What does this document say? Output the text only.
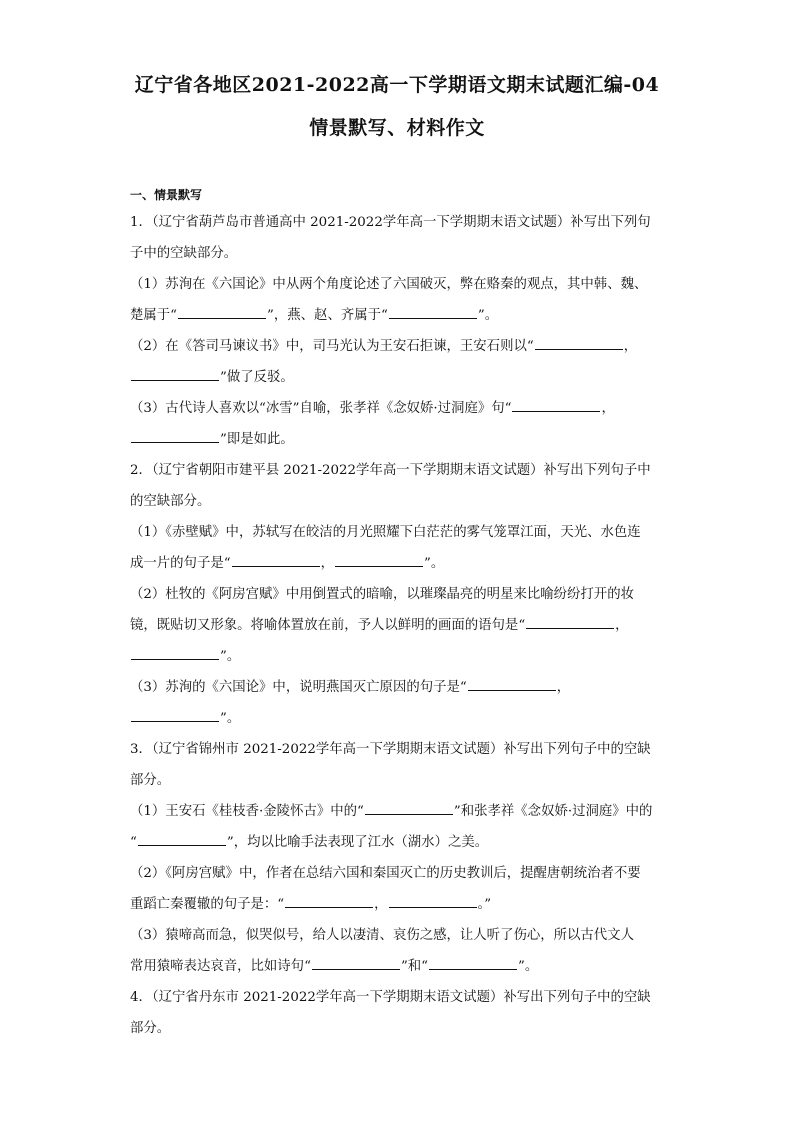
辽宁省各地区2021-2022高一下学期语文期末试题汇编-04
情景默写、材料作文
一、情景默写
1．（辽宁省葫芦岛市普通高中 2021-2022学年高一下学期期末语文试题）补写出下列句
子中的空缺部分。
（1）苏洵在《六国论》中从两个角度论述了六国破灭，弊在赂秦的观点，其中韩、魏、
楚属于“	”，燕、赵、齐属于“	”。
（2）在《答司马谏议书》中，司马光认为王安石拒谏，王安石则以“	，
”做了反驳。
（3）古代诗人喜欢以“冰雪”自喻，张孝祥《念奴娇·过洞庭》句“	，
”即是如此。
2．（辽宁省朝阳市建平县 2021-2022学年高一下学期期末语文试题）补写出下列句子中
的空缺部分。
（1）《赤壁赋》中，苏轼写在皎洁的月光照耀下白茫茫的雾气笼罩江面，天光、水色连
成一片的句子是“	，	”。
（2）杜牧的《阿房宫赋》中用倒置式的暗喻，以璀璨晶亮的明星来比喻纷纷打开的妆
镜，既贴切又形象。将喻体置放在前，予人以鲜明的画面的语句是“	，
”。
（3）苏洵的《六国论》中，说明燕国灭亡原因的句子是“	，
”。
3．（辽宁省锦州市 2021-2022学年高一下学期期末语文试题）补写出下列句子中的空缺
部分。
（1）王安石《桂枝香·金陵怀古》中的“	”和张孝祥《念奴娇·过洞庭》中的
“	”，均以比喻手法表现了江水（湖水）之美。
（2）《阿房宫赋》中，作者在总结六国和秦国灭亡的历史教训后，提醒唐朝统治者不要
重蹈亡秦覆辙的句子是：“	，	。”
（3）猿啼高而急，似哭似号，给人以凄清、哀伤之感，让人听了伤心，所以古代文人
常用猿啼表达哀音，比如诗句“	”和“	”。
4．（辽宁省丹东市 2021-2022学年高一下学期期末语文试题）补写出下列句子中的空缺
部分。
